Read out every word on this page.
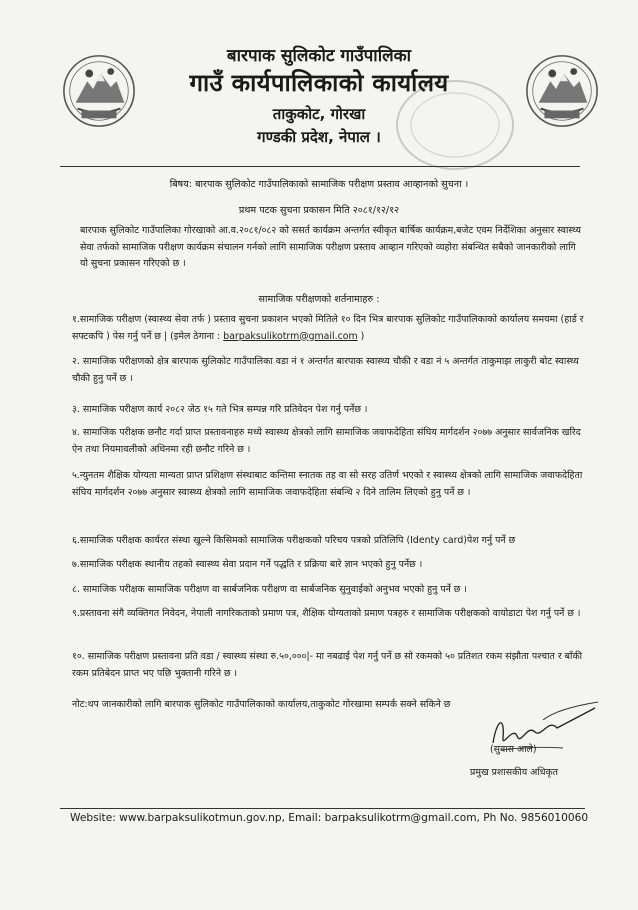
बारपाक सुलिकोट गाउँपालिका
गाउँ कार्यपालिकाको कार्यालय
ताकुकोट, गोरखा
गण्डकी प्रदेश, नेपाल ।
बिषय: बारपाक सुलिकोट गाउँपालिकाको सामाजिक परीक्षण प्रस्ताव आव्हानको सुचना ।
प्रथम पटक सुचना प्रकासन मिति २०८१/१२/१२
बारपाक सुलिकोट गाउँपालिका गोरखाको आ.व.२०८१/०८२ को ससर्त कार्यक्रम अन्तर्गत स्वीकृत बार्षिक कार्यक्रम,बजेट एवम निर्देशिका अनुसार स्वास्थ्य सेवा तर्फको सामाजिक परीक्षण कार्यक्रम संचालन गर्नको लागि सामाजिक परीक्षण प्रस्ताव आव्हान गरिएको व्यहोरा संबन्धित सबैको जानकारीको लागि यो सुचना प्रकासन गरिएको छ ।
सामाजिक परीक्षणको शर्तनामाहरु :
१.सामाजिक परीक्षण (स्वास्थ्य सेवा तर्फ ) प्रस्ताव सुचना प्रकाशन भएको मितिले १० दिन भित्र बारपाक सुलिकोट गाउँपालिकाको कार्यालय समयमा (हार्ड र सफ्टकपि ) पेस गर्नु पर्ने छ | (इमेल ठेगाना : barpaksulikotrm@gmail.com )
२. सामाजिक परीक्षणको क्षेत्र बारपाक सुलिकोट गाउँपालिका वडा नं १ अन्तर्गत बारपाक स्वास्थ्य चौकी र वडा नं ५ अन्तर्गत ताकुमाझ लाकुरी बोट स्वास्थ्य चौकी हुनु पर्ने छ ।
३. सामाजिक परीक्षण कार्य २०८२ जेठ १५ गते भित्र सम्पन्न गरि प्रतिवेदन पेश गर्नु पर्नेछ ।
४. सामाजिक परीक्षक छनौट गर्दा प्राप्त प्रस्तावनाहरु मध्ये स्वास्थ्य क्षेत्रको लागि सामाजिक जवाफदेहिता संघिय मार्गदर्शन २०७७ अनुसार सार्वजनिक खरिद ऐन तथा नियमावलीको अधिनमा रही छनौट गरिने छ ।
५.न्युनतम शैक्षिक योग्यता मान्यता प्राप्त प्रशिक्षण संस्थाबाट कन्तिमा स्नातक तह वा सो सरह उतिर्ण भएको र स्वास्थ्य क्षेत्रको लागि सामाजिक जवाफदेहिता संघिय मार्गदर्शन २०७७ अनुसार स्वास्थ्य क्षेत्रको लागि सामाजिक जवाफदेहिता संबन्धि २ दिने तालिम लिएको हुनु पर्ने छ ।
६.सामाजिक परीक्षक कार्यरत संस्था खुल्ने किसिमको सामाजिक परीक्षकको परिचय पत्रको प्रतिलिपि (Identy card)पेश गर्नु पर्ने छ
७.सामाजिक परीक्षक स्थानीय तहको स्वास्थ्य सेवा प्रदान गर्ने पद्धति र प्रक्रिया बारे ज्ञान भएको हुनु पर्नेछ ।
८. सामाजिक परीक्षक सामाजिक परीक्षण वा सार्बजनिक परीक्षण वा सार्बजनिक सुनुवाईको अनुभव भएको हुनु पर्ने छ ।
९.प्रस्तावना संगै व्यक्तिगत निवेदन, नेपाली नागरिकताको प्रमाण पत्र, शैक्षिक योग्यताको प्रमाण पत्रहरु र सामाजिक परीक्षकको वायोडाटा पेश गर्नु पर्ने छ ।
१०. सामाजिक परीक्षण प्रस्तावना प्रति वडा / स्वास्थ्य संस्था रु.५०,०००|- मा नबढाई पेश गर्नु पर्ने छ सो रकमको ५० प्रतिशत रकम संझौता पश्चात र बाँकी रकम प्रतिबेदन प्राप्त भए पछि भुक्तानी गरिने छ ।
नोट:थप जानकारीको लागि बारपाक सुलिकोट गाउँपालिकाको कार्यालय,ताकुकोट गोरखामा सम्पर्क सक्ने सकिने छ
(सुवास आले)
प्रमुख प्रशासकीय अधिकृत
Website: www.barpaksulikotmun.gov.np, Email: barpaksulikotrm@gmail.com, Ph No. 9856010060
